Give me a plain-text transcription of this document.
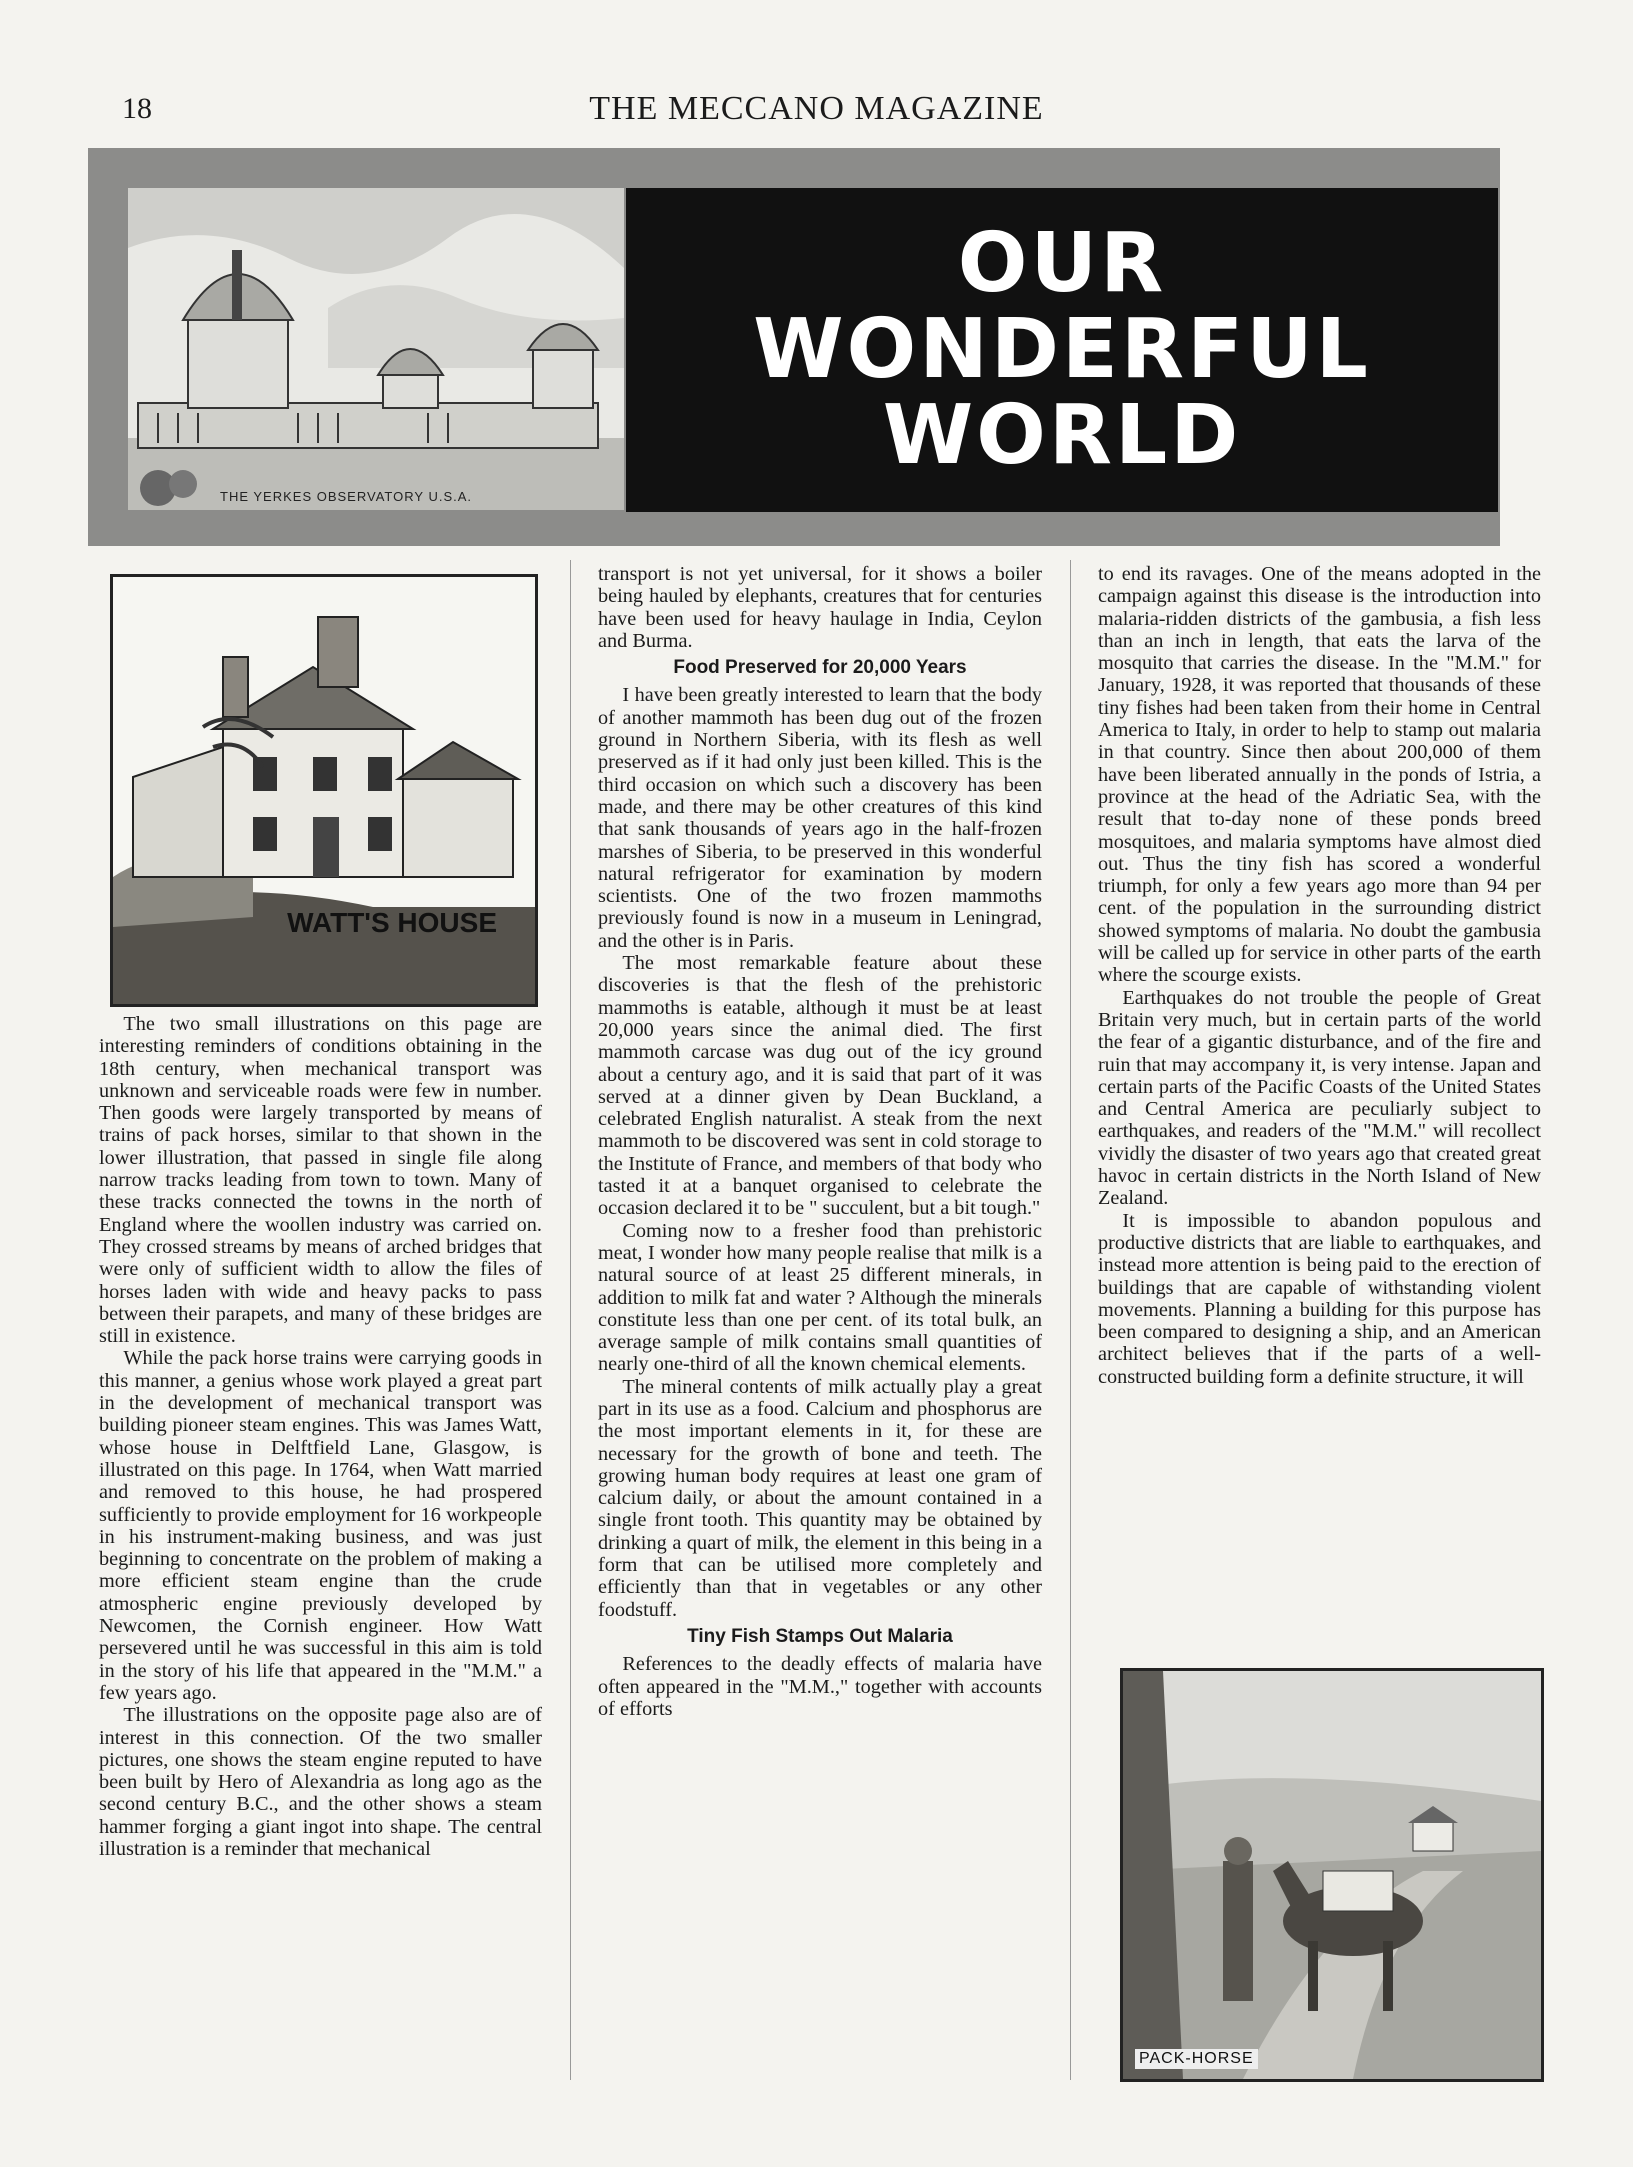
18	THE MECCANO MAGAZINE
THE YERKES OBSERVATORY U.S.A.
OUR
WONDERFUL
WORLD
WATT'S HOUSE

The two small illustrations on this page are interesting reminders of conditions obtaining in the 18th century, when mechanical transport was unknown and serviceable roads were few in number. Then goods were largely transported by means of trains of pack horses, similar to that shown in the lower illustration, that passed in single file along narrow tracks leading from town to town. Many of these tracks connected the towns in the north of England where the woollen industry was carried on. They crossed streams by means of arched bridges that were only of sufficient width to allow the files of horses laden with wide and heavy packs to pass between their parapets, and many of these bridges are still in existence.

While the pack horse trains were carrying goods in this manner, a genius whose work played a great part in the development of mechanical transport was building pioneer steam engines. This was James Watt, whose house in Delftfield Lane, Glasgow, is illustrated on this page. In 1764, when Watt married and removed to this house, he had prospered sufficiently to provide employment for 16 workpeople in his instrument-making business, and was just beginning to concentrate on the problem of making a more efficient steam engine than the crude atmospheric engine previously developed by Newcomen, the Cornish engineer. How Watt persevered until he was successful in this aim is told in the story of his life that appeared in the "M.M." a few years ago.

The illustrations on the opposite page also are of interest in this connection. Of the two smaller pictures, one shows the steam engine reputed to have been built by Hero of Alexandria as long ago as the second century B.C., and the other shows a steam hammer forging a giant ingot into shape. The central illustration is a reminder that mechanical

transport is not yet universal, for it shows a boiler being hauled by elephants, creatures that for centuries have been used for heavy haulage in India, Ceylon and Burma.

Food Preserved for 20,000 Years

I have been greatly interested to learn that the body of another mammoth has been dug out of the frozen ground in Northern Siberia, with its flesh as well preserved as if it had only just been killed. This is the third occasion on which such a discovery has been made, and there may be other creatures of this kind that sank thousands of years ago in the half-frozen marshes of Siberia, to be preserved in this wonderful natural refrigerator for examination by modern scientists. One of the two frozen mammoths previously found is now in a museum in Leningrad, and the other is in Paris.

The most remarkable feature about these discoveries is that the flesh of the prehistoric mammoths is eatable, although it must be at least 20,000 years since the animal died. The first mammoth carcase was dug out of the icy ground about a century ago, and it is said that part of it was served at a dinner given by Dean Buckland, a celebrated English naturalist. A steak from the next mammoth to be discovered was sent in cold storage to the Institute of France, and members of that body who tasted it at a banquet organised to celebrate the occasion declared it to be " succulent, but a bit tough."

Coming now to a fresher food than prehistoric meat, I wonder how many people realise that milk is a natural source of at least 25 different minerals, in addition to milk fat and water ? Although the minerals constitute less than one per cent. of its total bulk, an average sample of milk contains small quantities of nearly one-third of all the known chemical elements.

The mineral contents of milk actually play a great part in its use as a food. Calcium and phosphorus are the most important elements in it, for these are necessary for the growth of bone and teeth. The growing human body requires at least one gram of calcium daily, or about the amount contained in a single front tooth. This quantity may be obtained by drinking a quart of milk, the element in this being in a form that can be utilised more completely and efficiently than that in vegetables or any other foodstuff.

Tiny Fish Stamps Out Malaria

References to the deadly effects of malaria have often appeared in the "M.M.," together with accounts of efforts

to end its ravages. One of the means adopted in the campaign against this disease is the introduction into malaria-ridden districts of the gambusia, a fish less than an inch in length, that eats the larva of the mosquito that carries the disease. In the "M.M." for January, 1928, it was reported that thousands of these tiny fishes had been taken from their home in Central America to Italy, in order to help to stamp out malaria in that country. Since then about 200,000 of them have been liberated annually in the ponds of Istria, a province at the head of the Adriatic Sea, with the result that to-day none of these ponds breed mosquitoes, and malaria symptoms have almost died out. Thus the tiny fish has scored a wonderful triumph, for only a few years ago more than 94 per cent. of the population in the surrounding district showed symptoms of malaria. No doubt the gambusia will be called up for service in other parts of the earth where the scourge exists.

Earthquakes do not trouble the people of Great Britain very much, but in certain parts of the world the fear of a gigantic disturbance, and of the fire and ruin that may accompany it, is very intense. Japan and certain parts of the Pacific Coasts of the United States and Central America are peculiarly subject to earthquakes, and readers of the "M.M." will recollect vividly the disaster of two years ago that created great havoc in certain districts in the North Island of New Zealand.

It is impossible to abandon populous and productive districts that are liable to earthquakes, and instead more attention is being paid to the erection of buildings that are capable of withstanding violent movements. Planning a building for this purpose has been compared to designing a ship, and an American architect believes that if the parts of a well-constructed building form a definite structure, it will

PACK-HORSE
